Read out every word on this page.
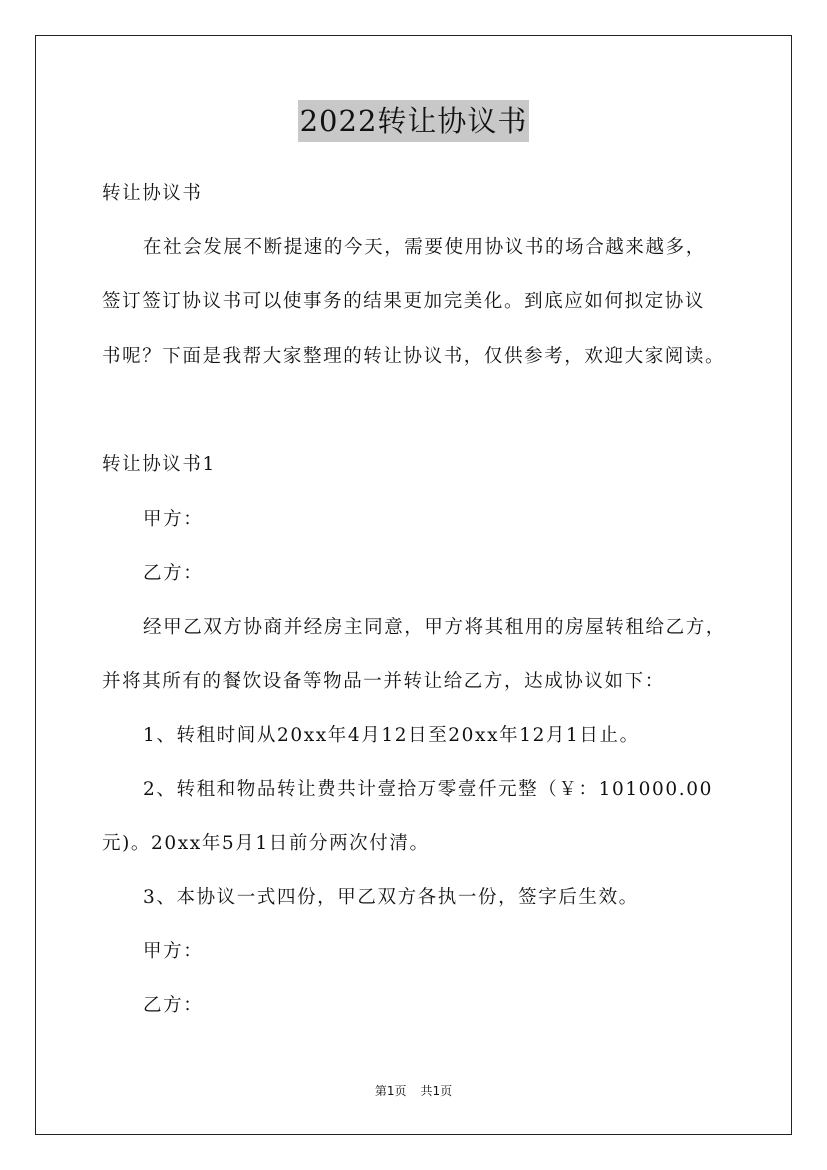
2022转让协议书
转让协议书
在社会发展不断提速的今天，需要使用协议书的场合越来越多，
签订签订协议书可以使事务的结果更加完美化。到底应如何拟定协议
书呢？下面是我帮大家整理的转让协议书，仅供参考，欢迎大家阅读。
转让协议书1
甲方：
乙方：
经甲乙双方协商并经房主同意，甲方将其租用的房屋转租给乙方，
并将其所有的餐饮设备等物品一并转让给乙方，达成协议如下：
1、转租时间从20xx年4月12日至20xx年12月1日止。
2、转租和物品转让费共计壹拾万零壹仟元整（￥：101000.00
元)。20xx年5月1日前分两次付清。
3、本协议一式四份，甲乙双方各执一份，签字后生效。
甲方：
乙方：
第1页 共1页
